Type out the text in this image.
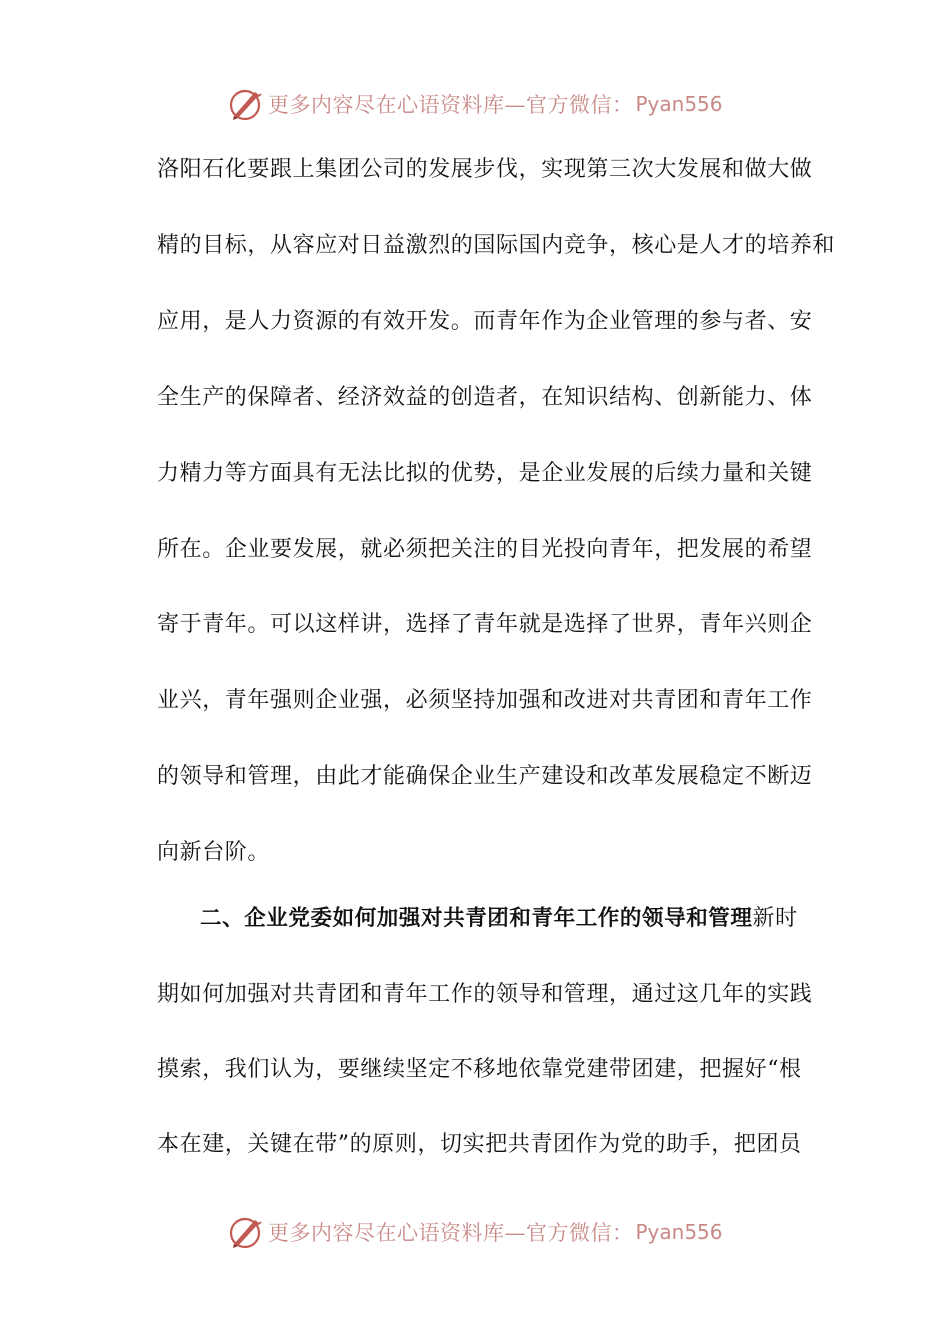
更多内容尽在心语资料库—官方微信： Pyan556
洛阳石化要跟上集团公司的发展步伐，实现第三次大发展和做大做
精的目标，从容应对日益激烈的国际国内竞争，核心是人才的培养和
应用，是人力资源的有效开发。而青年作为企业管理的参与者、安
全生产的保障者、经济效益的创造者，在知识结构、创新能力、体
力精力等方面具有无法比拟的优势，是企业发展的后续力量和关键
所在。企业要发展，就必须把关注的目光投向青年，把发展的希望
寄于青年。可以这样讲，选择了青年就是选择了世界，青年兴则企
业兴，青年强则企业强，必须坚持加强和改进对共青团和青年工作
的领导和管理，由此才能确保企业生产建设和改革发展稳定不断迈
向新台阶。
二、企业党委如何加强对共青团和青年工作的领导和管理新时
期如何加强对共青团和青年工作的领导和管理，通过这几年的实践
摸索，我们认为，要继续坚定不移地依靠党建带团建，把握好“根
本在建，关键在带”的原则，切实把共青团作为党的助手，把团员
更多内容尽在心语资料库—官方微信： Pyan556
